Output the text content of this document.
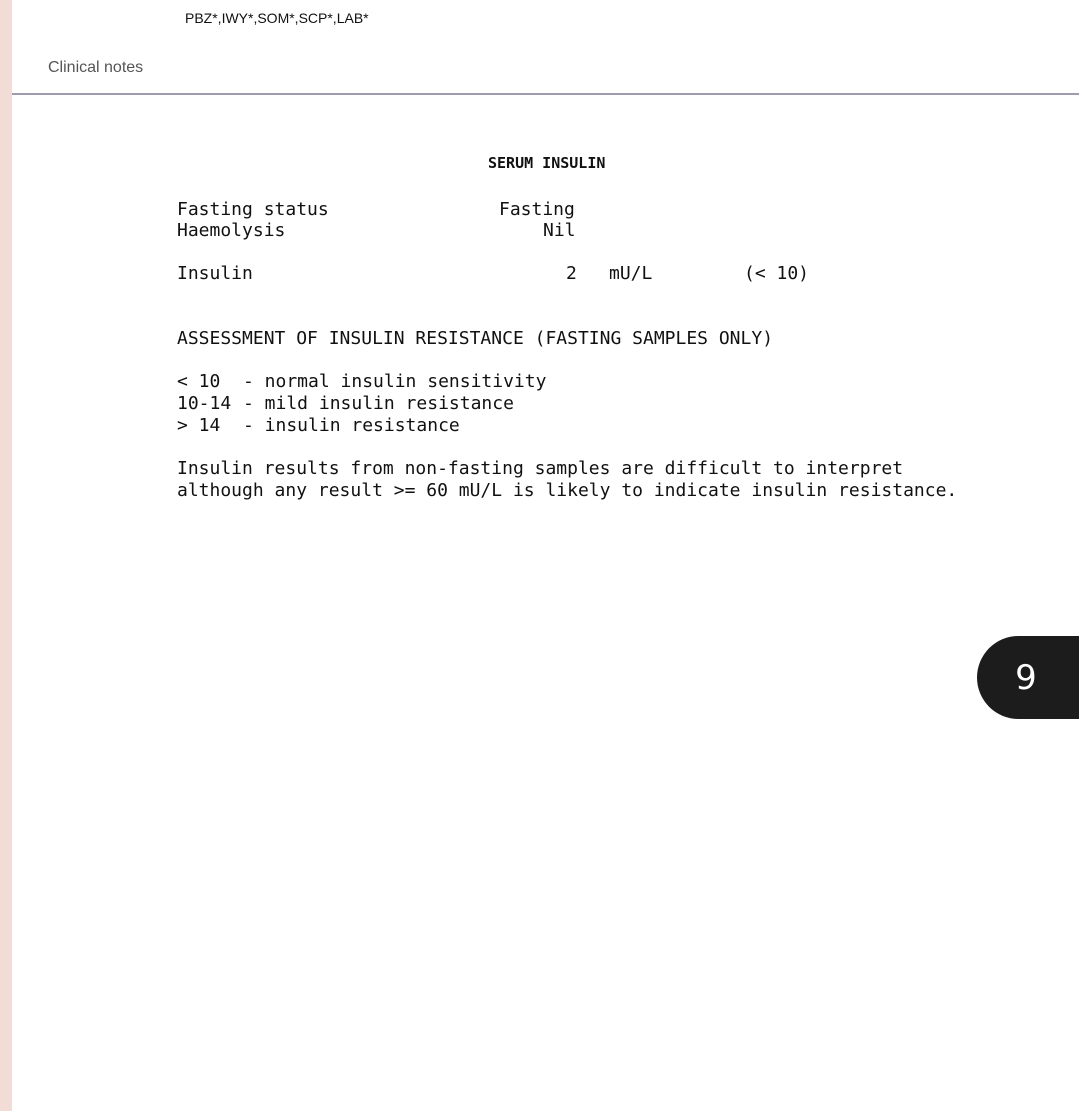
PBZ*,IWY*,SOM*,SCP*,LAB*
Clinical notes
SERUM INSULIN
Fasting status	Fasting
Haemolysis	Nil
Insulin	2 mU/L	(< 10)
ASSESSMENT OF INSULIN RESISTANCE (FASTING SAMPLES ONLY)
< 10 - normal insulin sensitivity
10-14 - mild insulin resistance
> 14 - insulin resistance
Insulin results from non-fasting samples are difficult to interpret
although any result >= 60 mU/L is likely to indicate insulin resistance.
9
